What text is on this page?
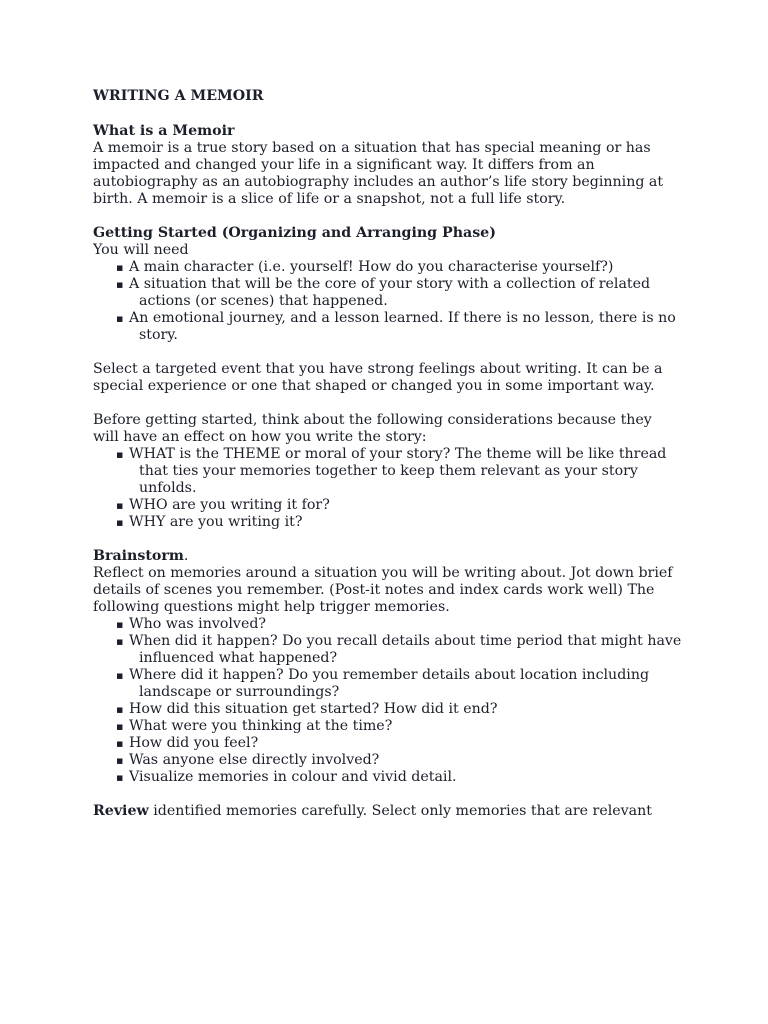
WRITING A MEMOIR

What is a Memoir

A memoir is a true story based on a situation that has special meaning or has impacted and changed your life in a significant way. It differs from an autobiography as an autobiography includes an author’s life story beginning at birth. A memoir is a slice of life or a snapshot, not a full life story.

Getting Started (Organizing and Arranging Phase)

You will need

▪ A main character (i.e. yourself! How do you characterise yourself?)
▪ A situation that will be the core of your story with a collection of related actions (or scenes) that happened.
▪ An emotional journey, and a lesson learned. If there is no lesson, there is no story.

Select a targeted event that you have strong feelings about writing. It can be a

special experience or one that shaped or changed you in some important way.

Before getting started, think about the following considerations because they

will have an effect on how you write the story:

▪ WHAT is the THEME or moral of your story? The theme will be like thread that ties your memories together to keep them relevant as your story unfolds.
▪ WHO are you writing it for?
▪ WHY are you writing it?

Brainstorm.

Reflect on memories around a situation you will be writing about. Jot down brief details of scenes you remember. (Post-it notes and index cards work well) The following questions might help trigger memories.

▪ Who was involved?
▪ When did it happen? Do you recall details about time period that might have influenced what happened?
▪ Where did it happen? Do you remember details about location including landscape or surroundings?
▪ How did this situation get started? How did it end?
▪ What were you thinking at the time?
▪ How did you feel?
▪ Was anyone else directly involved?
▪ Visualize memories in colour and vivid detail.

Review identified memories carefully. Select only memories that are relevant
